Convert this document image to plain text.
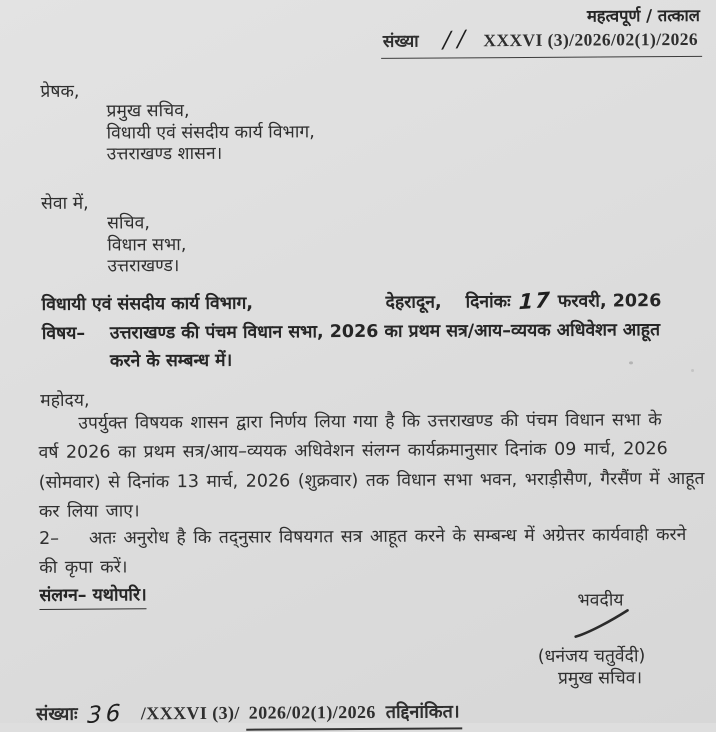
महत्वपूर्ण / तत्काल
संख्या // XXXVI (3)/2026/02(1)/2026
प्रेषक,
प्रमुख सचिव,
विधायी एवं संसदीय कार्य विभाग,
उत्तराखण्ड शासन।
सेवा में,
सचिव,
विधान सभा,
उत्तराखण्ड।
विधायी एवं संसदीय कार्य विभाग,	देहरादून, दिनांकः 17 फरवरी, 2026
विषय– उत्तराखण्ड की पंचम विधान सभा, 2026 का प्रथम सत्र/आय–व्ययक अधिवेशन आहूत
करने के सम्बन्ध में।
महोदय,
उपर्युक्त विषयक शासन द्वारा निर्णय लिया गया है कि उत्तराखण्ड की पंचम विधान सभा के
वर्ष 2026 का प्रथम सत्र/आय–व्ययक अधिवेशन संलग्न कार्यक्रमानुसार दिनांक 09 मार्च, 2026
(सोमवार) से दिनांक 13 मार्च, 2026 (शुक्रवार) तक विधान सभा भवन, भराड़ीसैण, गैरसैंण में आहूत
कर लिया जाए।
2– अतः अनुरोध है कि तद्नुसार विषयगत सत्र आहूत करने के सम्बन्ध में अग्रेत्तर कार्यवाही करने
की कृपा करें।
संलग्न– यथोपरि।	भवदीय
(धनंजय चतुर्वेदी)
प्रमुख सचिव।
संख्याः 36 /XXXVI (3)/ 2026/02(1)/2026 तद्दिनांकित।
